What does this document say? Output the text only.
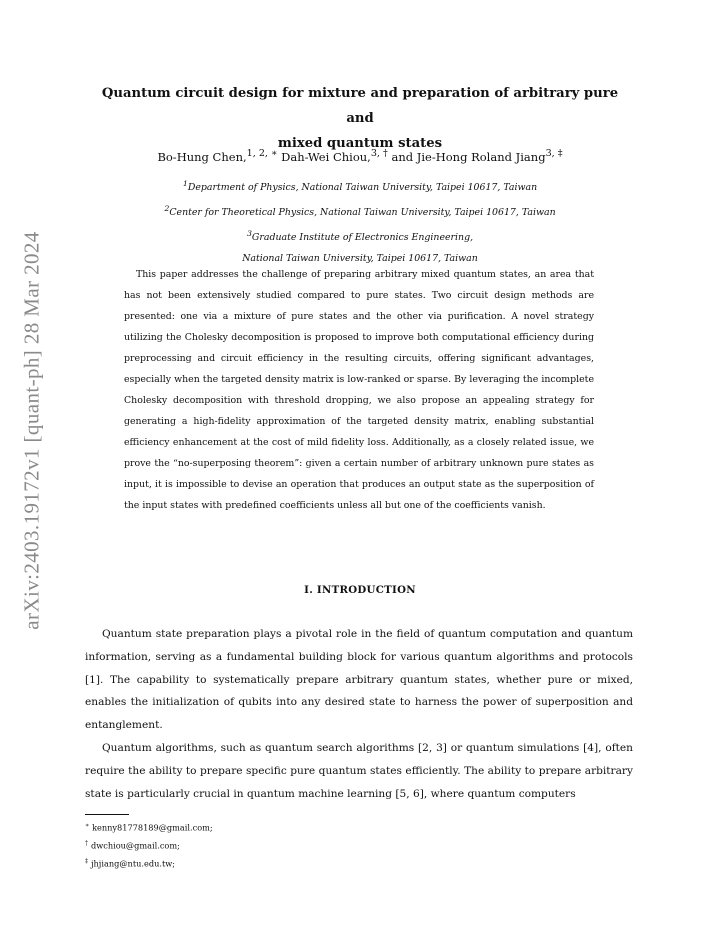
arXiv:2403.19172v1 [quant-ph] 28 Mar 2024
Quantum circuit design for mixture and preparation of arbitrary pure and
mixed quantum states
Bo-Hung Chen,$^{1, 2, ∗}$ Dah-Wei Chiou,$^{3, \dagger}$ and Jie-Hong Roland Jiang$^{3, \ddagger}$
$^1$Department of Physics, National Taiwan University, Taipei 10617, Taiwan
$^2$Center for Theoretical Physics, National Taiwan University, Taipei 10617, Taiwan
$^3$Graduate Institute of Electronics Engineering,
National Taiwan University, Taipei 10617, Taiwan
This paper addresses the challenge of preparing arbitrary mixed quantum states, an area that has not been extensively studied compared to pure states. Two circuit design methods are presented: one via a mixture of pure states and the other via purification. A novel strategy utilizing the Cholesky decomposition is proposed to improve both computational efficiency during preprocessing and circuit efficiency in the resulting circuits, offering significant advantages, especially when the targeted density matrix is low-ranked or sparse. By leveraging the incomplete Cholesky decomposition with threshold dropping, we also propose an appealing strategy for generating a high-fidelity approximation of the targeted density matrix, enabling substantial efficiency enhancement at the cost of mild fidelity loss. Additionally, as a closely related issue, we prove the “no-superposing theorem”: given a certain number of arbitrary unknown pure states as input, it is impossible to devise an operation that produces an output state as the superposition of the input states with predefined coefficients unless all but one of the coefficients vanish.
I. INTRODUCTION

Quantum state preparation plays a pivotal role in the field of quantum computation and quantum information, serving as a fundamental building block for various quantum algorithms and protocols [1]. The capability to systematically prepare arbitrary quantum states, whether pure or mixed, enables the initialization of qubits into any desired state to harness the power of superposition and entanglement.

Quantum algorithms, such as quantum search algorithms [2, 3] or quantum simulations [4], often require the ability to prepare specific pure quantum states efficiently. The ability to prepare arbitrary state is particularly crucial in quantum machine learning [5, 6], where quantum computers

∗ kenny81778189@gmail.com;
† dwchiou@gmail.com;
‡ jhjiang@ntu.edu.tw;
